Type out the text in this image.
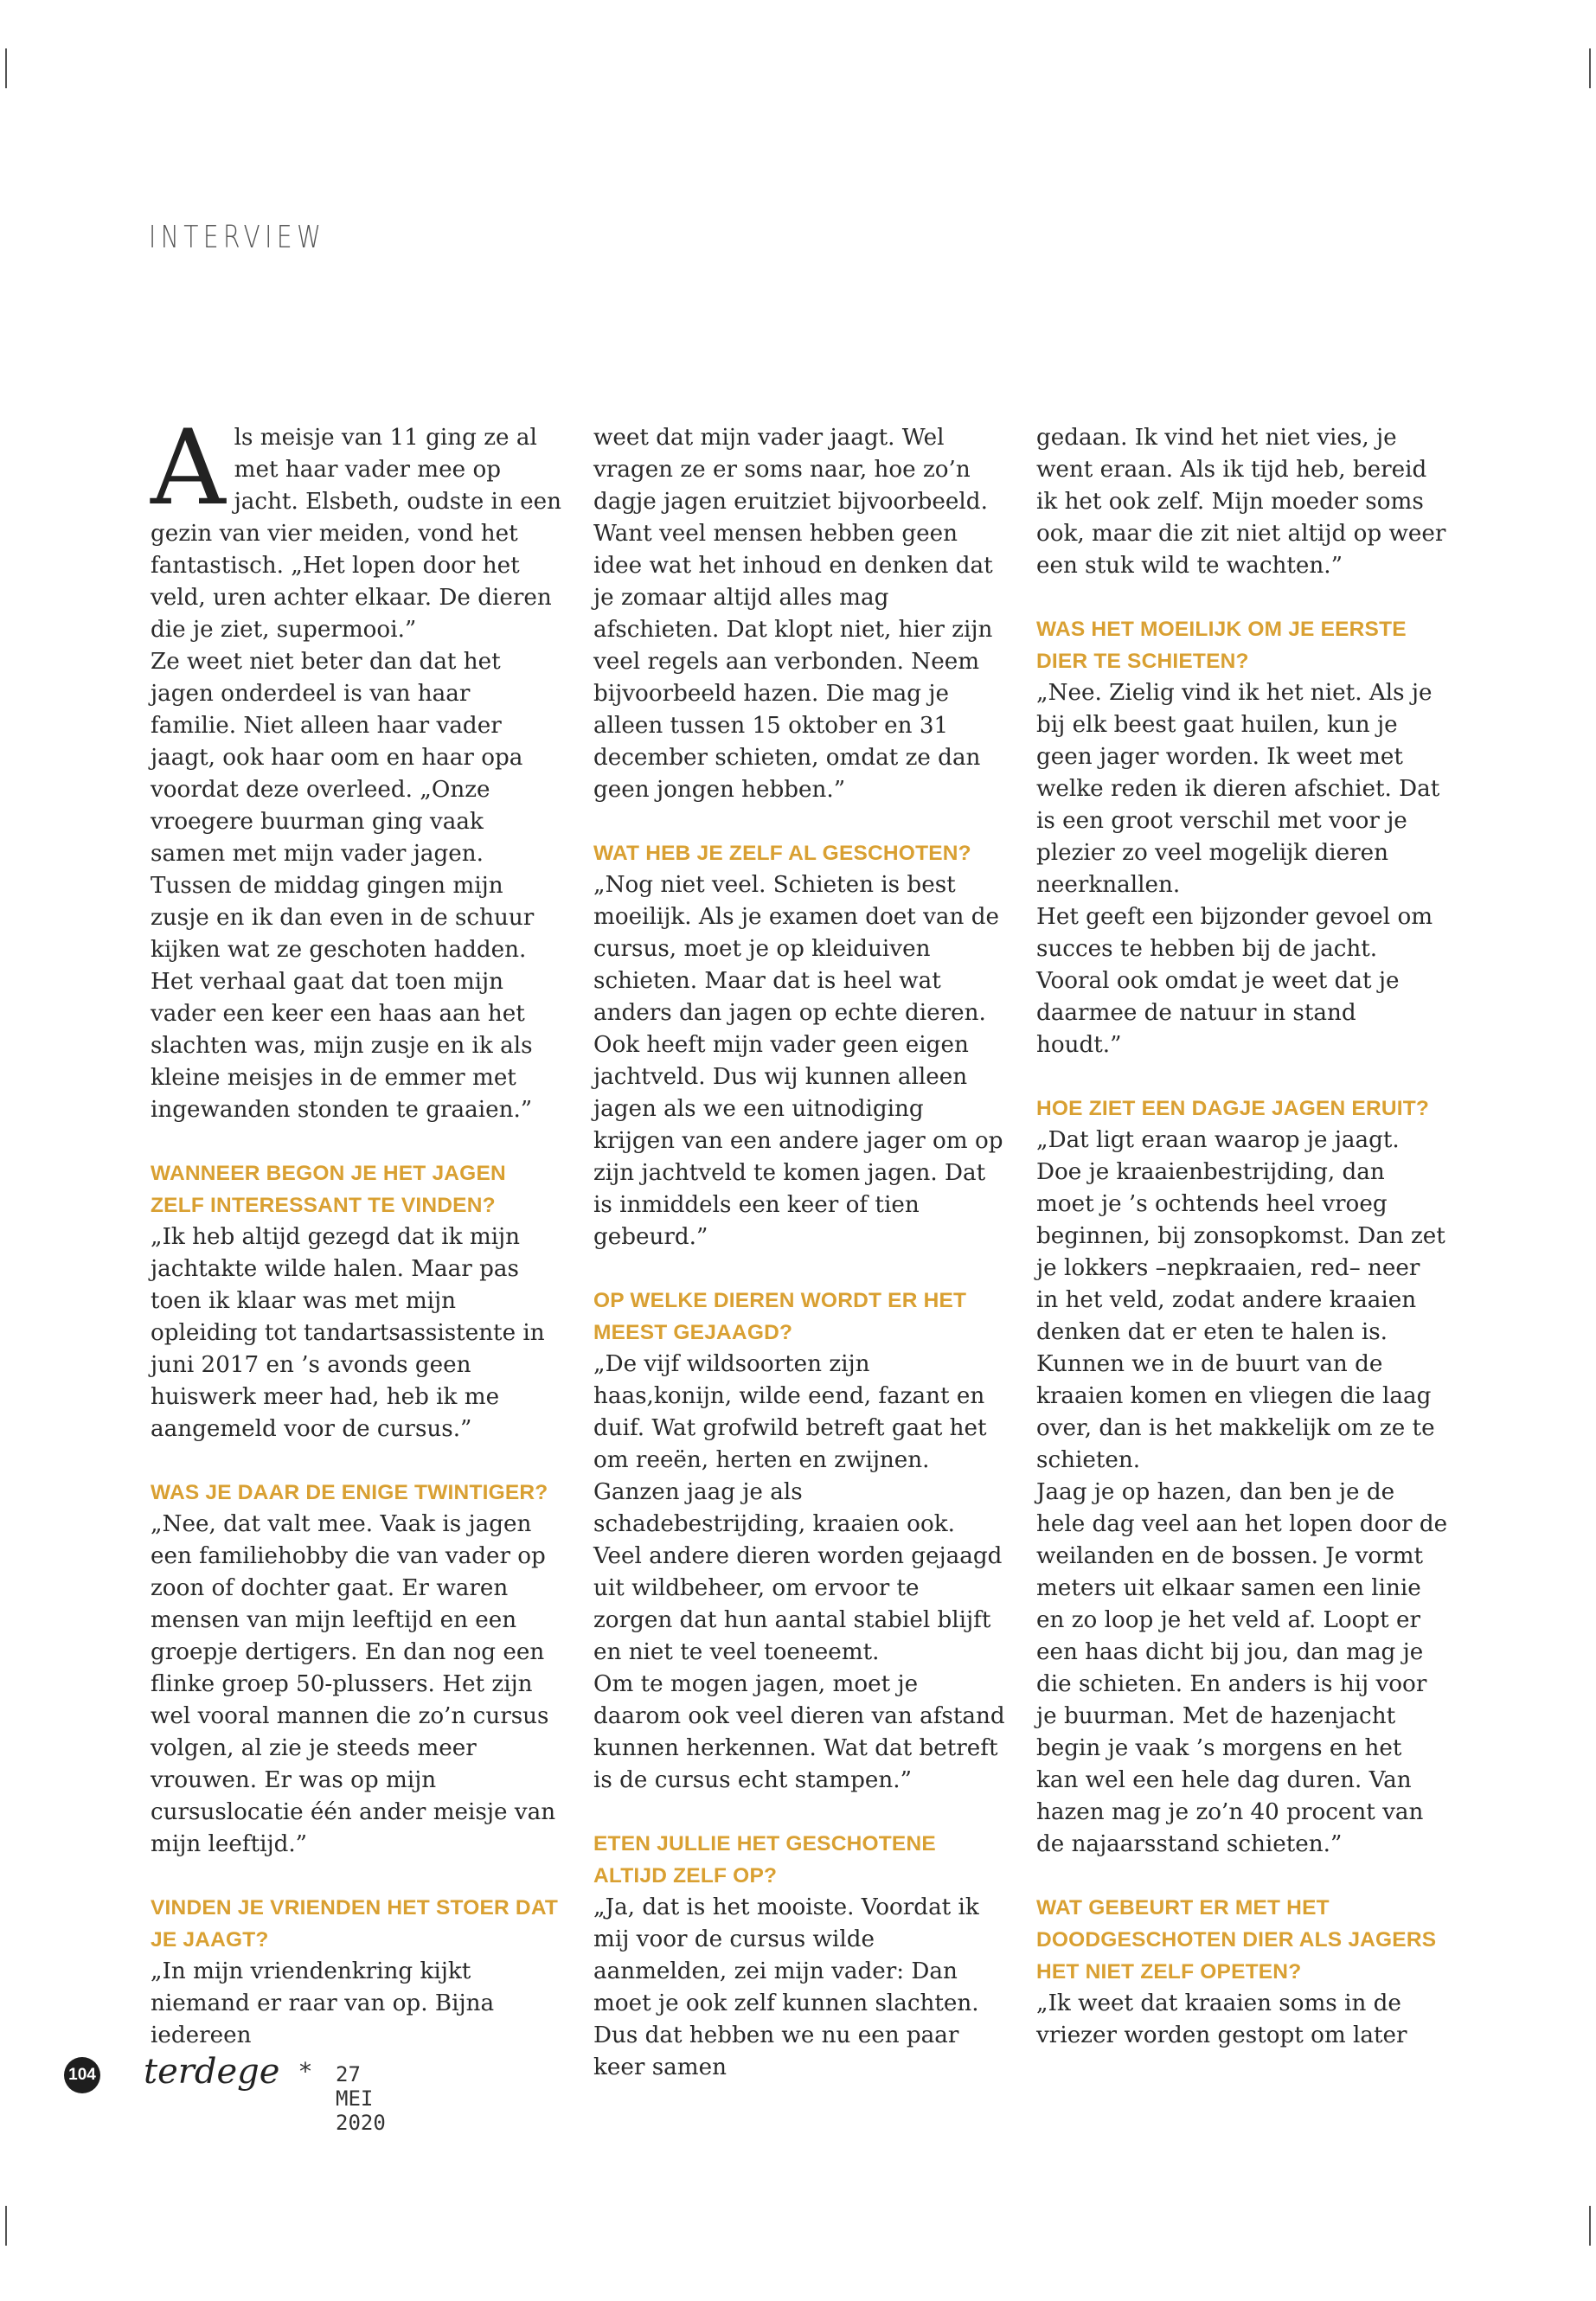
INTERVIEW

Als meisje van 11 ging ze al met haar vader mee op jacht. Elsbeth, oudste in een gezin van vier meiden, vond het fantastisch. „Het lopen door het veld, uren achter elkaar. De dieren die je ziet, supermooi.”

Ze weet niet beter dan dat het jagen onderdeel is van haar familie. Niet alleen haar vader jaagt, ook haar oom en haar opa voordat deze overleed. „Onze vroegere buurman ging vaak samen met mijn vader jagen. Tussen de middag gingen mijn zusje en ik dan even in de schuur kijken wat ze geschoten hadden. Het verhaal gaat dat toen mijn vader een keer een haas aan het slachten was, mijn zusje en ik als kleine meisjes in de emmer met ingewanden stonden te graaien.”

WANNEER BEGON JE HET JAGEN ZELF INTERESSANT TE VINDEN?

„Ik heb altijd gezegd dat ik mijn jachtakte wilde halen. Maar pas toen ik klaar was met mijn opleiding tot tandartsassistente in juni 2017 en ’s avonds geen huiswerk meer had, heb ik me aangemeld voor de cursus.”

WAS JE DAAR DE ENIGE TWINTIGER?

„Nee, dat valt mee. Vaak is jagen een familiehobby die van vader op zoon of dochter gaat. Er waren mensen van mijn leeftijd en een groepje dertigers. En dan nog een flinke groep 50-plussers. Het zijn wel vooral mannen die zo’n cursus volgen, al zie je steeds meer vrouwen. Er was op mijn cursuslocatie één ander meisje van mijn leeftijd.”

VINDEN JE VRIENDEN HET STOER DAT JE JAAGT?

„In mijn vriendenkring kijkt niemand er raar van op. Bijna iedereen

weet dat mijn vader jaagt. Wel vragen ze er soms naar, hoe zo’n dagje jagen eruitziet bijvoorbeeld. Want veel mensen hebben geen idee wat het inhoud en denken dat je zomaar altijd alles mag afschieten. Dat klopt niet, hier zijn veel regels aan verbonden. Neem bijvoorbeeld hazen. Die mag je alleen tussen 15 oktober en 31 december schieten, omdat ze dan geen jongen hebben.”

WAT HEB JE ZELF AL GESCHOTEN?

„Nog niet veel. Schieten is best moeilijk. Als je examen doet van de cursus, moet je op kleiduiven schieten. Maar dat is heel wat anders dan jagen op echte dieren. Ook heeft mijn vader geen eigen jachtveld. Dus wij kunnen alleen jagen als we een uitnodiging krijgen van een andere jager om op zijn jachtveld te komen jagen. Dat is inmiddels een keer of tien gebeurd.”

OP WELKE DIEREN WORDT ER HET MEEST GEJAAGD?

„De vijf wildsoorten zijn haas,konijn, wilde eend, fazant en duif. Wat grofwild betreft gaat het om reeën, herten en zwijnen. Ganzen jaag je als schadebestrijding, kraaien ook. Veel andere dieren worden gejaagd uit wildbeheer, om ervoor te zorgen dat hun aantal stabiel blijft en niet te veel toeneemt.

Om te mogen jagen, moet je daarom ook veel dieren van afstand kunnen herkennen. Wat dat betreft is de cursus echt stampen.”

ETEN JULLIE HET GESCHOTENE ALTIJD ZELF OP?

„Ja, dat is het mooiste. Voordat ik mij voor de cursus wilde aanmelden, zei mijn vader: Dan moet je ook zelf kunnen slachten. Dus dat hebben we nu een paar keer samen

gedaan. Ik vind het niet vies, je went eraan. Als ik tijd heb, bereid ik het ook zelf. Mijn moeder soms ook, maar die zit niet altijd op weer een stuk wild te wachten.”

WAS HET MOEILIJK OM JE EERSTE DIER TE SCHIETEN?

„Nee. Zielig vind ik het niet. Als je bij elk beest gaat huilen, kun je geen jager worden. Ik weet met welke reden ik dieren afschiet. Dat is een groot verschil met voor je plezier zo veel mogelijk dieren neerknallen.

Het geeft een bijzonder gevoel om succes te hebben bij de jacht. Vooral ook omdat je weet dat je daarmee de natuur in stand houdt.”

HOE ZIET EEN DAGJE JAGEN ERUIT?

„Dat ligt eraan waarop je jaagt. Doe je kraaienbestrijding, dan moet je ’s ochtends heel vroeg beginnen, bij zonsopkomst. Dan zet je lokkers –nepkraaien, red– neer in het veld, zodat andere kraaien denken dat er eten te halen is. Kunnen we in de buurt van de kraaien komen en vliegen die laag over, dan is het makkelijk om ze te schieten.

Jaag je op hazen, dan ben je de hele dag veel aan het lopen door de weilanden en de bossen. Je vormt meters uit elkaar samen een linie en zo loop je het veld af. Loopt er een haas dicht bij jou, dan mag je die schieten. En anders is hij voor je buurman. Met de hazenjacht begin je vaak ’s morgens en het kan wel een hele dag duren. Van hazen mag je zo’n 40 procent van de najaarsstand schieten.”

WAT GEBEURT ER MET HET DOODGESCHOTEN DIER ALS JAGERS HET NIET ZELF OPETEN?

„Ik weet dat kraaien soms in de vriezer worden gestopt om later

104 terdege * 27 MEI 2020
